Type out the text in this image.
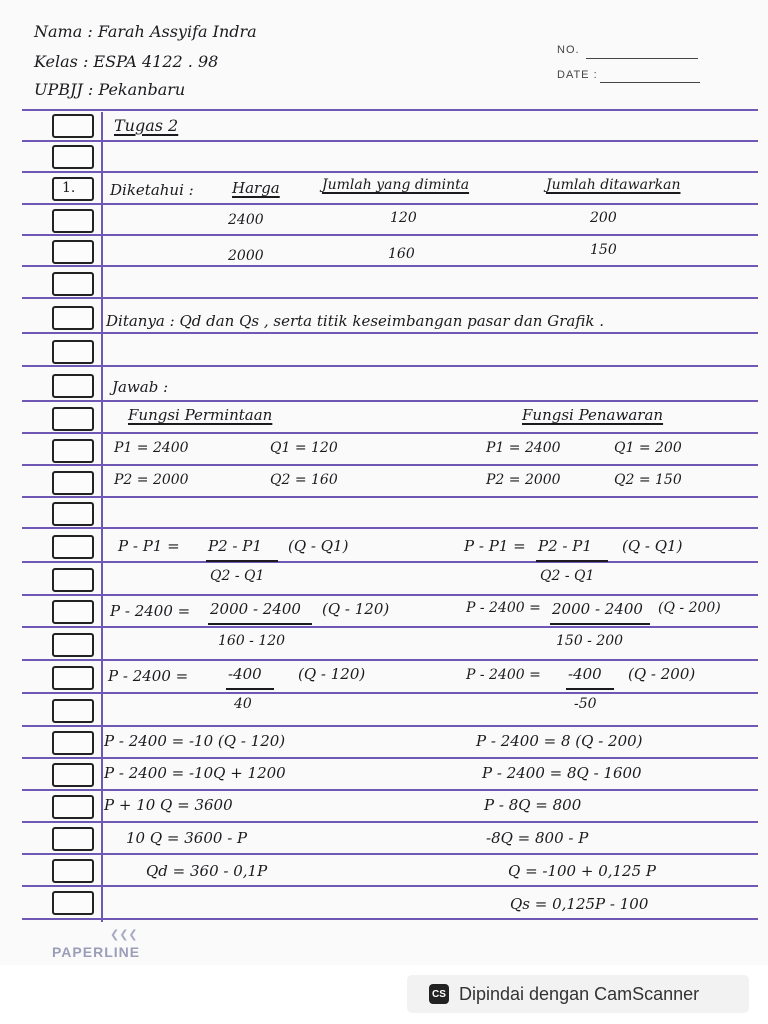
NO.
DATE :
Nama : Farah Assyifa Indra
Kelas : ESPA 4122 . 98
UPBJJ : Pekanbaru
Tugas 2
1. Diketahui :	Harga	Jumlah yang diminta	Jumlah ditawarkan
2400	120	200
2000	160	150
Ditanya : Qd dan Qs , serta titik keseimbangan pasar dan Grafik .
Jawab :
Fungsi Permintaan
P1 = 2400	Q1 = 120
P2 = 2000	Q2 = 160
P - P1 = P2 - P1 (Q - Q1)
Q2 - Q1
P - 2400 = 2000 - 2400 (Q - 120)
160 - 120
P - 2400 =	-400 (Q - 120)
40
P - 2400 = -10 (Q - 120)
P - 2400 = -10Q + 1200
P + 10 Q = 3600
10 Q = 3600 - P
Qd = 360 - 0,1P
Fungsi Penawaran
P1 = 2400	Q1 = 200
P2 = 2000	Q2 = 150
P - P1 = P2 - P1 (Q - Q1)
Q2 - Q1
P - 2400 = 2000 - 2400 (Q - 200)
150 - 200
P - 2400 = -400 (Q - 200)
-50
P - 2400 = 8 (Q - 200)
P - 2400 = 8Q - 1600
P - 8Q = 800
-8Q = 800 - P
Q = -100 + 0,125 P
Qs = 0,125P - 100
❮❮❮
PAPERLINE
CS Dipindai dengan CamScanner
